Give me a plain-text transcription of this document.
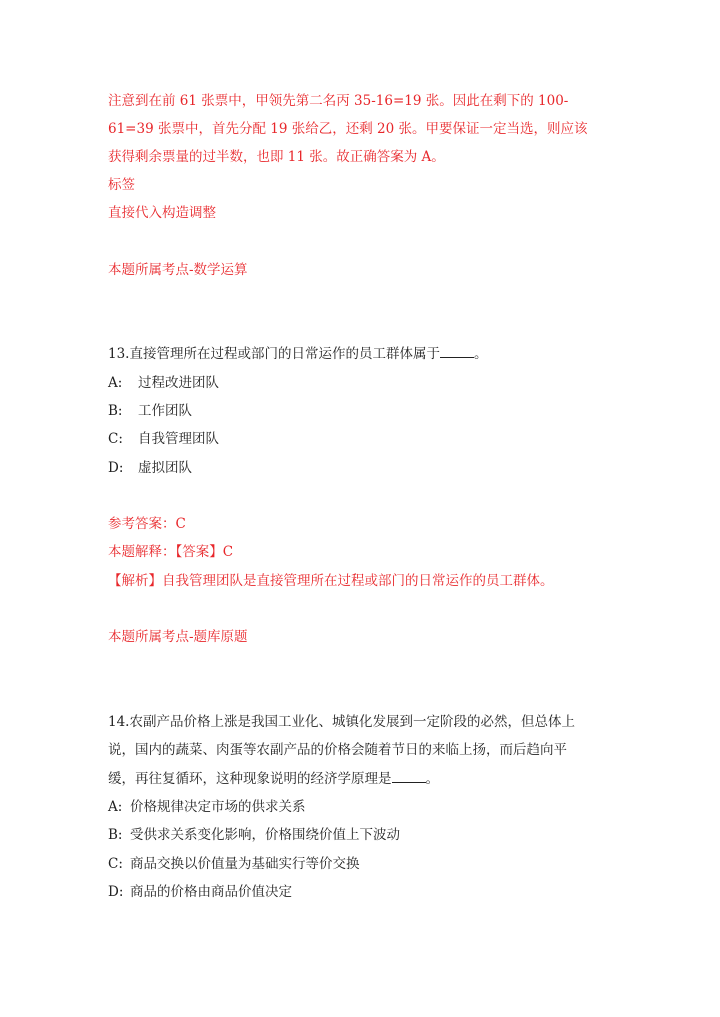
注意到在前 61 张票中，甲领先第二名丙 35-16=19 张。因此在剩下的 100-
61=39 张票中，首先分配 19 张给乙，还剩 20 张。甲要保证一定当选，则应该
获得剩余票量的过半数，也即 11 张。故正确答案为 A。
标签
直接代入构造调整
本题所属考点-数学运算
13.直接管理所在过程或部门的日常运作的员工群体属于	。
A: 过程改进团队
B: 工作团队
C: 自我管理团队
D: 虚拟团队
参考答案：C
本题解释：【答案】C
【解析】自我管理团队是直接管理所在过程或部门的日常运作的员工群体。
本题所属考点-题库原题
14.农副产品价格上涨是我国工业化、城镇化发展到一定阶段的必然，但总体上
说，国内的蔬菜、肉蛋等农副产品的价格会随着节日的来临上扬，而后趋向平
缓，再往复循环，这种现象说明的经济学原理是	。
A: 价格规律决定市场的供求关系
B: 受供求关系变化影响，价格围绕价值上下波动
C: 商品交换以价值量为基础实行等价交换
D: 商品的价格由商品价值决定
